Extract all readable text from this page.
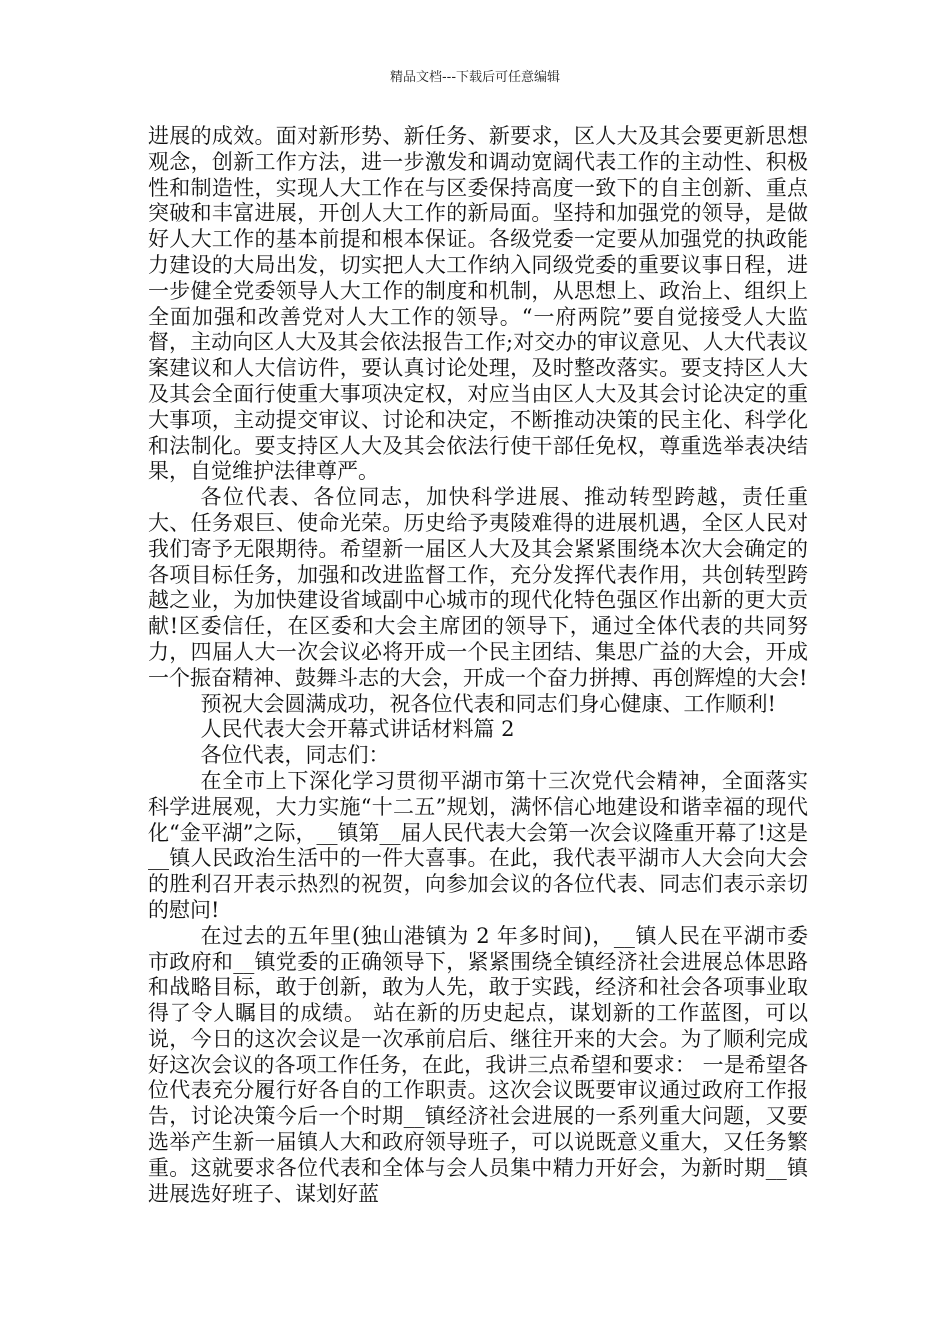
精品文档---下载后可任意编辑

进展的成效。面对新形势、新任务、新要求，区人大及其会要更新思想观念，创新工作方法，进一步激发和调动宽阔代表工作的主动性、积极性和制造性，实现人大工作在与区委保持高度一致下的自主创新、重点突破和丰富进展，开创人大工作的新局面。坚持和加强党的领导，是做好人大工作的基本前提和根本保证。各级党委一定要从加强党的执政能力建设的大局出发，切实把人大工作纳入同级党委的重要议事日程，进一步健全党委领导人大工作的制度和机制，从思想上、政治上、组织上全面加强和改善党对人大工作的领导。“一府两院”要自觉接受人大监督，主动向区人大及其会依法报告工作;对交办的审议意见、人大代表议案建议和人大信访件，要认真讨论处理，及时整改落实。要支持区人大及其会全面行使重大事项决定权，对应当由区人大及其会讨论决定的重大事项，主动提交审议、讨论和决定，不断推动决策的民主化、科学化和法制化。要支持区人大及其会依法行使干部任免权，尊重选举表决结果，自觉维护法律尊严。

各位代表、各位同志，加快科学进展、推动转型跨越，责任重大、任务艰巨、使命光荣。历史给予夷陵难得的进展机遇，全区人民对我们寄予无限期待。希望新一届区人大及其会紧紧围绕本次大会确定的各项目标任务，加强和改进监督工作，充分发挥代表作用，共创转型跨越之业，为加快建设省域副中心城市的现代化特色强区作出新的更大贡献!区委信任，在区委和大会主席团的领导下，通过全体代表的共同努力，四届人大一次会议必将开成一个民主团结、集思广益的大会，开成一个振奋精神、鼓舞斗志的大会，开成一个奋力拼搏、再创辉煌的大会!

预祝大会圆满成功，祝各位代表和同志们身心健康、工作顺利!

人民代表大会开幕式讲话材料篇 2

各位代表，同志们：

在全市上下深化学习贯彻平湖市第十三次党代会精神，全面落实科学进展观，大力实施“十二五”规划，满怀信心地建设和谐幸福的现代化“金平湖”之际，__镇第__届人民代表大会第一次会议隆重开幕了!这是__镇人民政治生活中的一件大喜事。在此，我代表平湖市人大会向大会的胜利召开表示热烈的祝贺，向参加会议的各位代表、同志们表示亲切的慰问!

在过去的五年里(独山港镇为 2 年多时间)，__镇人民在平湖市委市政府和__镇党委的正确领导下，紧紧围绕全镇经济社会进展总体思路和战略目标，敢于创新，敢为人先，敢于实践，经济和社会各项事业取得了令人瞩目的成绩。 站在新的历史起点，谋划新的工作蓝图，可以说，今日的这次会议是一次承前启后、继往开来的大会。为了顺利完成好这次会议的各项工作任务，在此，我讲三点希望和要求： 一是希望各位代表充分履行好各自的工作职责。这次会议既要审议通过政府工作报告，讨论决策今后一个时期__镇经济社会进展的一系列重大问题，又要选举产生新一届镇人大和政府领导班子，可以说既意义重大，又任务繁重。这就要求各位代表和全体与会人员集中精力开好会，为新时期__镇进展选好班子、谋划好蓝
